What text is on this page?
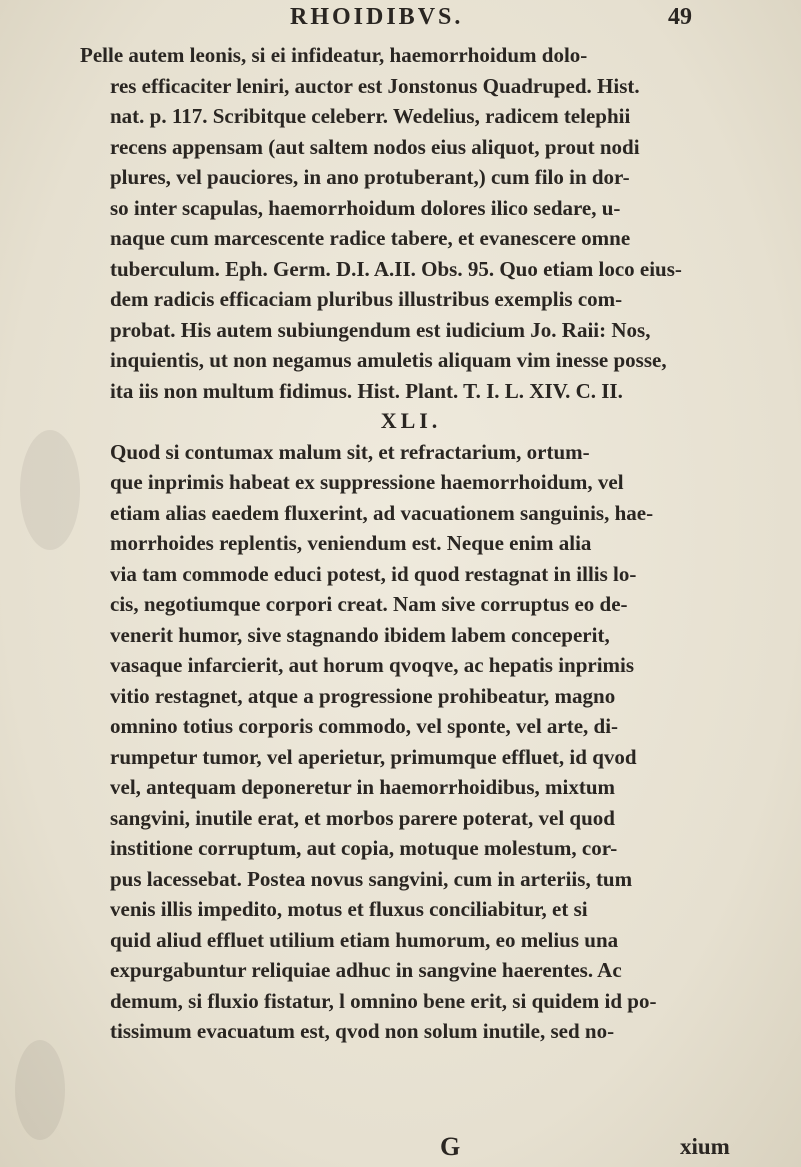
RHOIDIBVS.	49
Pelle autem leonis, si ei infideatur, haemorrhoidum dolo-
res efficaciter leniri, auctor est Jonstonus Quadruped. Hist.
nat. p. 117. Scribitque celeberr. Wedelius, radicem telephii
recens appensam (aut saltem nodos eius aliquot, prout nodi
plures, vel pauciores, in ano protuberant,) cum filo in dor-
so inter scapulas, haemorrhoidum dolores ilico sedare, u-
naque cum marcescente radice tabere, et evanescere omne
tuberculum. Eph. Germ. D.I. A.II. Obs. 95. Quo etiam loco eius-
dem radicis efficaciam pluribus illustribus exemplis com-
probat. His autem subiungendum est iudicium Jo. Raii: Nos,
inquientis, ut non negamus amuletis aliquam vim inesse posse,
ita iis non multum fidimus. Hist. Plant. T. I. L. XIV. C. II.
XLI.
Quod si contumax malum sit, et refractarium, ortum-
que inprimis habeat ex suppressione haemorrhoidum, vel
etiam alias eaedem fluxerint, ad vacuationem sanguinis, hae-
morrhoides replentis, veniendum est. Neque enim alia
via tam commode educi potest, id quod restagnat in illis lo-
cis, negotiumque corpori creat. Nam sive corruptus eo de-
venerit humor, sive stagnando ibidem labem conceperit,
vasaque infarcierit, aut horum qvoqve, ac hepatis inprimis
vitio restagnet, atque a progressione prohibeatur, magno
omnino totius corporis commodo, vel sponte, vel arte, di-
rumpetur tumor, vel aperietur, primumque effluet, id qvod
vel, antequam deponeretur in haemorrhoidibus, mixtum
sangvini, inutile erat, et morbos parere poterat, vel quod
institione corruptum, aut copia, motuque molestum, cor-
pus lacessebat. Postea novus sangvini, cum in arteriis, tum
venis illis impedito, motus et fluxus conciliabitur, et si
quid aliud effluet utilium etiam humorum, eo melius una
expurgabuntur reliquiae adhuc in sangvine haerentes. Ac
demum, si fluxio fistatur, l omnino bene erit, si quidem id po-
tissimum evacuatum est, qvod non solum inutile, sed no-
G	xium
